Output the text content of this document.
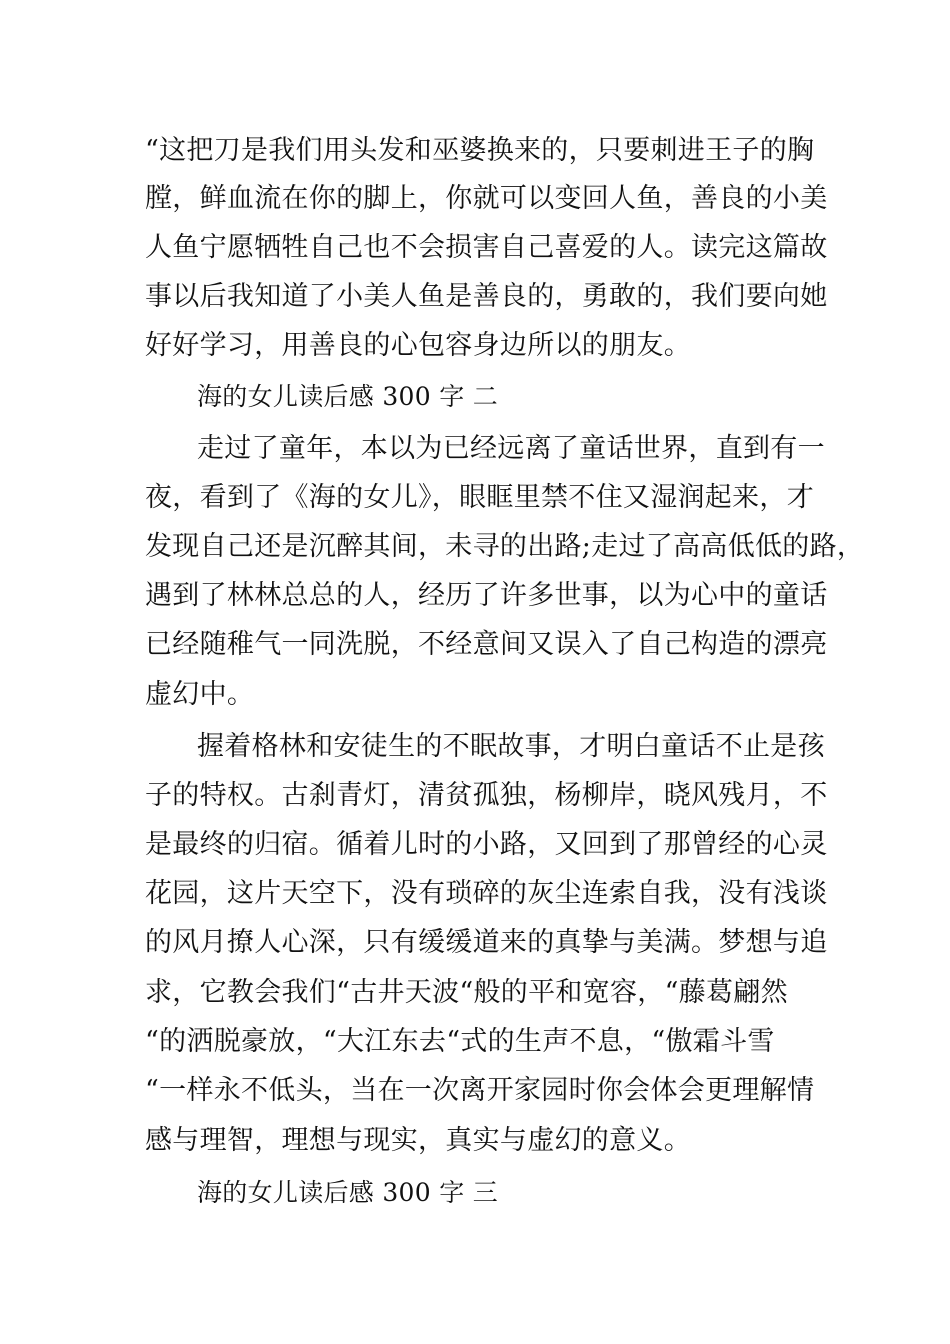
“这把刀是我们用头发和巫婆换来的，只要刺进王子的胸
膛，鲜血流在你的脚上，你就可以变回人鱼，善良的小美
人鱼宁愿牺牲自己也不会损害自己喜爱的人。读完这篇故
事以后我知道了小美人鱼是善良的，勇敢的，我们要向她
好好学习，用善良的心包容身边所以的朋友。
海的女儿读后感 300 字 二
走过了童年，本以为已经远离了童话世界，直到有一
夜，看到了《海的女儿》，眼眶里禁不住又湿润起来，才
发现自己还是沉醉其间，未寻的出路;走过了高高低低的路，
遇到了林林总总的人，经历了许多世事，以为心中的童话
已经随稚气一同洗脱，不经意间又误入了自己构造的漂亮
虚幻中。
握着格林和安徒生的不眠故事，才明白童话不止是孩
子的特权。古刹青灯，清贫孤独，杨柳岸，晓风残月，不
是最终的归宿。循着儿时的小路，又回到了那曾经的心灵
花园，这片天空下，没有琐碎的灰尘连索自我，没有浅谈
的风月撩人心深，只有缓缓道来的真挚与美满。梦想与追
求，它教会我们“古井天波“般的平和宽容，“藤葛翩然
“的洒脱豪放，“大江东去“式的生声不息，“傲霜斗雪
“一样永不低头，当在一次离开家园时你会体会更理解情
感与理智，理想与现实，真实与虚幻的意义。
海的女儿读后感 300 字 三
